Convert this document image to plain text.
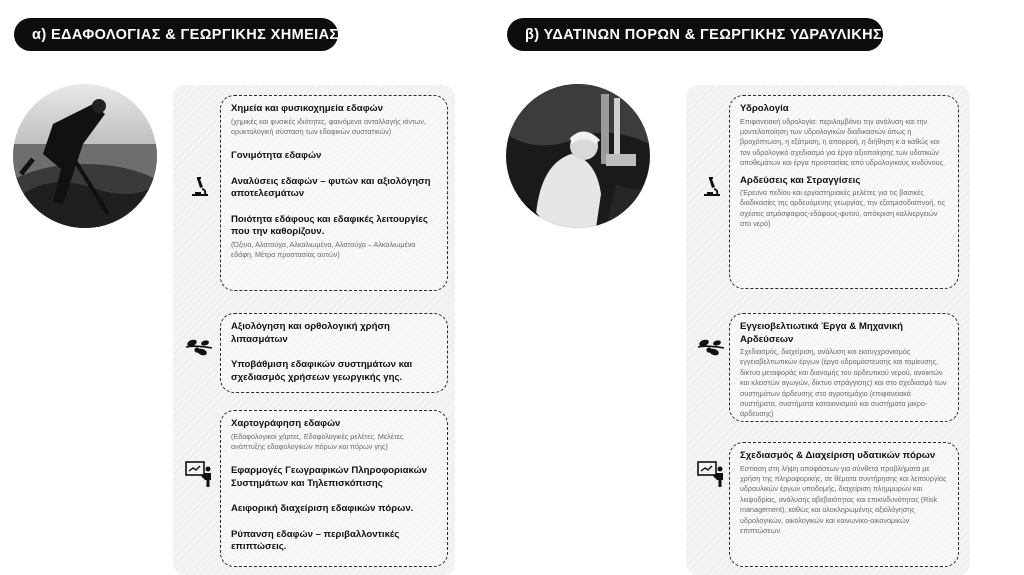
α) ΕΔΑΦΟΛΟΓΙΑΣ & ΓΕΩΡΓΙΚΗΣ ΧΗΜΕΙΑΣ	β) ΥΔΑΤΙΝΩΝ ΠΟΡΩΝ & ΓΕΩΡΓΙΚΗΣ ΥΔΡΑΥΛΙΚΗΣ

Χημεία και φυσικοχημεία εδαφών

(χημικές και φυσικές ιδιότητες, φαινόμενα ανταλλαγής ιόντων, ορυκτολογική σύσταση των εδαφικών συστατικών)

Γονιμότητα εδαφών

Αναλύσεις εδαφών – φυτών και αξιολόγηση αποτελεσμάτων

Ποιότητα εδάφους και εδαφικές λειτουργίες που την καθορίζουν.

(Όξινα, Αλατούχα, Αλκαλιωμένα, Αλατούχα – Αλκαλιωμένα εδάφη. Μέτρα προστασίας αυτών)

Αξιολόγηση και ορθολογική χρήση λιπασμάτων

Υποβάθμιση εδαφικών συστημάτων και σχεδιασμός χρήσεων γεωργικής γης.

Χαρτογράφηση εδαφών

(Εδαφολογικοί χάρτες. Εδαφολογικές μελέτες. Μελέτες ανάπτυξης εδαφολογικών πόρων και πόρων γης)

Εφαρμογές Γεωγραφικών Πληροφοριακών Συστημάτων και Τηλεπισκόπισης

Αειφορική διαχείριση εδαφικών πόρων.

Ρύπανση εδαφών – περιβαλλοντικές επιπτώσεις.

Υδρολογία

Επιφανειακή υδρολογία: περιλαμβάνει την ανάλυση και την μοντελοποίηση των υδρολογικών διαδικασιών όπως η βροχόπτωση, η εξάτμιση, η απορροή, η διήθηση κ.α καθώς και τον υδρολογικό σχεδιασμό για έργα αξιοποίησης των υδατικών αποθεμάτων και έργα προστασίας από υδρολογικούς κινδύνους.

Αρδεύσεις και Στραγγίσεις

(Έρευνα πεδίου και εργαστηριακές μελέτες για τις βασικές διαδικασίες της αρδευόμενης γεωργίας, την εξατμισοδιαπνοή, τις σχέσεις ατμόσφαιρας-εδάφους-φυτού, απόκριση καλλιεργειών στο νερό)

Εγγειοβελτιωτικά Έργα & Μηχανική Αρδεύσεων

Σχεδιασμός, διαχείριση, ανάλυση και εκσυγχρονισμός εγγειοβελτιωτικών έργων (έργο υδρομάστευσης και ταμίευσης, δίκτυα μεταφοράς και διανομής του αρδευτικού νερού, ανοικτών και κλειστών αγωγών, δίκτυο στράγγισης) και στο σχεδιασμό των συστημάτων άρδευσης στο αγροτεμάχιο (επιφανειακά συστήματα, συστήματα καταιονισμού και συστήματα μικρο-άρδευσης)

Σχεδιασμός & Διαχείριση υδατικών πόρων

Εστίαση στη λήψη αποφάσεων για σύνθετα προβλήματα με χρήση της πληροφορικής, σε θέματα συντήρησης και λειτουργίας υδραυλικών έργων υποδομής, διαχείριση πλημμυρών και λειψυδρίας, ανάλυσης αβεβαιότητας και επικινδυνότητας (Risk management), καθώς και ολοκληρωμένης αξιολόγησης υδρολογικών, οικολογικών και κοινωνικο-οικονομικών επιπτώσεων.
